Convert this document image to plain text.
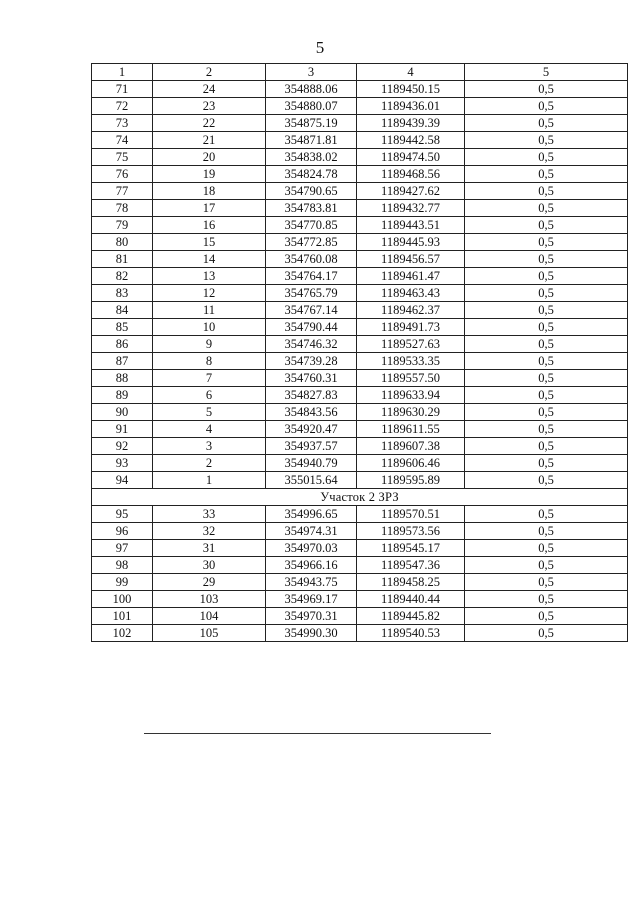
5
1	2	3	4	5
71	24	354888.06	1189450.15	0,5
72	23	354880.07	1189436.01	0,5
73	22	354875.19	1189439.39	0,5
74	21	354871.81	1189442.58	0,5
75	20	354838.02	1189474.50	0,5
76	19	354824.78	1189468.56	0,5
77	18	354790.65	1189427.62	0,5
78	17	354783.81	1189432.77	0,5
79	16	354770.85	1189443.51	0,5
80	15	354772.85	1189445.93	0,5
81	14	354760.08	1189456.57	0,5
82	13	354764.17	1189461.47	0,5
83	12	354765.79	1189463.43	0,5
84	11	354767.14	1189462.37	0,5
85	10	354790.44	1189491.73	0,5
86	9	354746.32	1189527.63	0,5
87	8	354739.28	1189533.35	0,5
88	7	354760.31	1189557.50	0,5
89	6	354827.83	1189633.94	0,5
90	5	354843.56	1189630.29	0,5
91	4	354920.47	1189611.55	0,5
92	3	354937.57	1189607.38	0,5
93	2	354940.79	1189606.46	0,5
94	1	355015.64	1189595.89	0,5
Участок 2 ЗРЗ				
95	33	354996.65	1189570.51	0,5
96	32	354974.31	1189573.56	0,5
97	31	354970.03	1189545.17	0,5
98	30	354966.16	1189547.36	0,5
99	29	354943.75	1189458.25	0,5
100	103	354969.17	1189440.44	0,5
101	104	354970.31	1189445.82	0,5
102	105	354990.30	1189540.53	0,5
